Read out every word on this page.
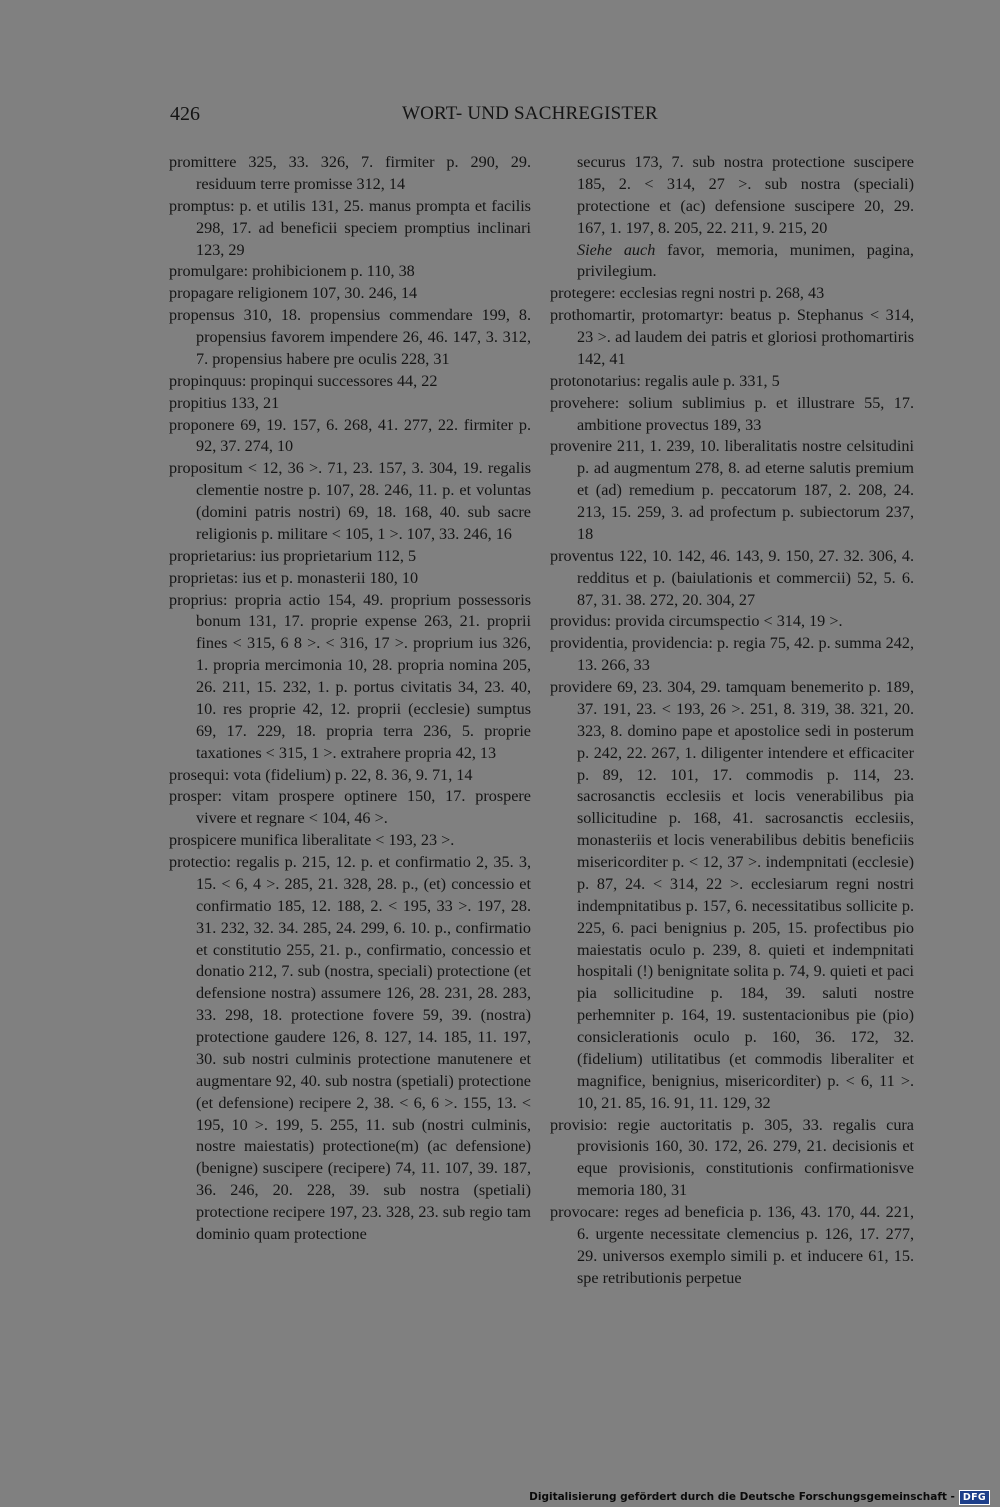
426	WORT- UND SACHREGISTER

promittere 325, 33. 326, 7. firmiter p. 290, 29. residuum terre promisse 312, 14

promptus: p. et utilis 131, 25. manus prompta et facilis 298, 17. ad beneficii speciem promptius inclinari 123, 29

promulgare: prohibicionem p. 110, 38

propagare religionem 107, 30. 246, 14

propensus 310, 18. propensius commendare 199, 8. propensius favorem impendere 26, 46. 147, 3. 312, 7. propensius habere pre oculis 228, 31

propinquus: propinqui successores 44, 22

propitius 133, 21

proponere 69, 19. 157, 6. 268, 41. 277, 22. firmiter p. 92, 37. 274, 10

propositum < 12, 36 >. 71, 23. 157, 3. 304, 19. regalis clementie nostre p. 107, 28. 246, 11. p. et voluntas (domini patris nostri) 69, 18. 168, 40. sub sacre religionis p. militare < 105, 1 >. 107, 33. 246, 16

proprietarius: ius proprietarium 112, 5

proprietas: ius et p. monasterii 180, 10

proprius: propria actio 154, 49. proprium possessoris bonum 131, 17. proprie expense 263, 21. proprii fines < 315, 6 8 >. < 316, 17 >. proprium ius 326, 1. propria mercimonia 10, 28. propria nomina 205, 26. 211, 15. 232, 1. p. portus civitatis 34, 23. 40, 10. res proprie 42, 12. proprii (ecclesie) sumptus 69, 17. 229, 18. propria terra 236, 5. proprie taxationes < 315, 1 >. extrahere propria 42, 13

prosequi: vota (fidelium) p. 22, 8. 36, 9. 71, 14

prosper: vitam prospere optinere 150, 17. prospere vivere et regnare < 104, 46 >.

prospicere munifica liberalitate < 193, 23 >.

protectio: regalis p. 215, 12. p. et confirmatio 2, 35. 3, 15. < 6, 4 >. 285, 21. 328, 28. p., (et) concessio et confirmatio 185, 12. 188, 2. < 195, 33 >. 197, 28. 31. 232, 32. 34. 285, 24. 299, 6. 10. p., confirmatio et constitutio 255, 21. p., confirmatio, concessio et donatio 212, 7. sub (nostra, speciali) protectione (et defensione nostra) assumere 126, 28. 231, 28. 283, 33. 298, 18. protectione fovere 59, 39. (nostra) protectione gaudere 126, 8. 127, 14. 185, 11. 197, 30. sub nostri culminis protectione manutenere et augmentare 92, 40. sub nostra (spetiali) protectione (et defensione) recipere 2, 38. < 6, 6 >. 155, 13. < 195, 10 >. 199, 5. 255, 11. sub (nostri culminis, nostre maiestatis) protectione(m) (ac defensione) (benigne) suscipere (recipere) 74, 11. 107, 39. 187, 36. 246, 20. 228, 39. sub nostra (spetiali) protectione recipere 197, 23. 328, 23. sub regio tam dominio quam protectione

securus 173, 7. sub nostra protectione suscipere 185, 2. < 314, 27 >. sub nostra (speciali) protectione et (ac) defensione suscipere 20, 29. 167, 1. 197, 8. 205, 22. 211, 9. 215, 20

Siehe auch favor, memoria, munimen, pagina, privilegium.

protegere: ecclesias regni nostri p. 268, 43

prothomartir, protomartyr: beatus p. Stephanus < 314, 23 >. ad laudem dei patris et gloriosi prothomartiris 142, 41

protonotarius: regalis aule p. 331, 5

provehere: solium sublimius p. et illustrare 55, 17. ambitione provectus 189, 33

provenire 211, 1. 239, 10. liberalitatis nostre celsitudini p. ad augmentum 278, 8. ad eterne salutis premium et (ad) remedium p. peccatorum 187, 2. 208, 24. 213, 15. 259, 3. ad profectum p. subiectorum 237, 18

proventus 122, 10. 142, 46. 143, 9. 150, 27. 32. 306, 4. redditus et p. (baiulationis et commercii) 52, 5. 6. 87, 31. 38. 272, 20. 304, 27

providus: provida circumspectio < 314, 19 >.

providentia, providencia: p. regia 75, 42. p. summa 242, 13. 266, 33

providere 69, 23. 304, 29. tamquam benemerito p. 189, 37. 191, 23. < 193, 26 >. 251, 8. 319, 38. 321, 20. 323, 8. domino pape et apostolice sedi in posterum p. 242, 22. 267, 1. diligenter intendere et efficaciter p. 89, 12. 101, 17. commodis p. 114, 23. sacrosanctis ecclesiis et locis venerabilibus pia sollicitudine p. 168, 41. sacrosanctis ecclesiis, monasteriis et locis venerabilibus debitis beneficiis misericorditer p. < 12, 37 >. indempnitati (ecclesie) p. 87, 24. < 314, 22 >. ecclesiarum regni nostri indempnitatibus p. 157, 6. necessitatibus sollicite p. 225, 6. paci benignius p. 205, 15. profectibus pio maiestatis oculo p. 239, 8. quieti et indempnitati hospitali (!) benignitate solita p. 74, 9. quieti et paci pia sollicitudine p. 184, 39. saluti nostre perhemniter p. 164, 19. sustentacionibus pie (pio) consiclerationis oculo p. 160, 36. 172, 32. (fidelium) utilitatibus (et commodis liberaliter et magnifice, benignius, misericorditer) p. < 6, 11 >. 10, 21. 85, 16. 91, 11. 129, 32

provisio: regie auctoritatis p. 305, 33. regalis cura provisionis 160, 30. 172, 26. 279, 21. decisionis et eque provisionis, constitutionis confirmationisve memoria 180, 31

provocare: reges ad beneficia p. 136, 43. 170, 44. 221, 6. urgente necessitate clemencius p. 126, 17. 277, 29. universos exemplo simili p. et inducere 61, 15. spe retributionis perpetue

Digitalisierung gefördert durch die Deutsche Forschungsgemeinschaft - DFG
